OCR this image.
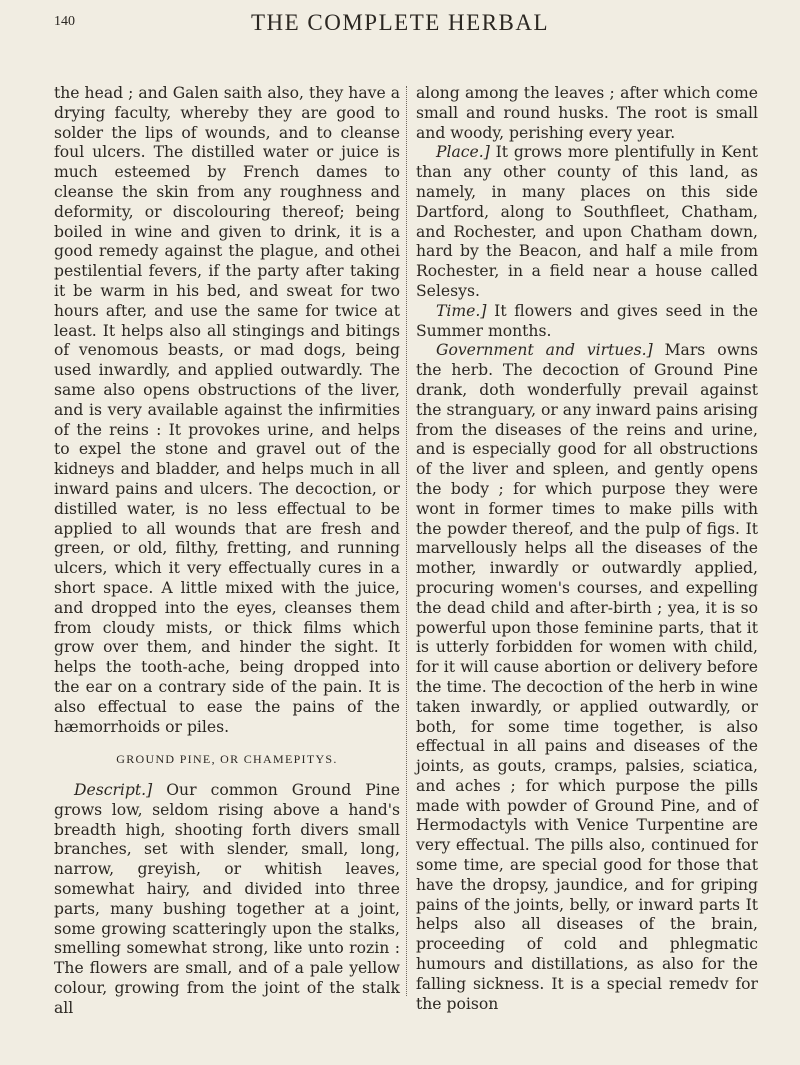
140	THE COMPLETE HERBAL

the head ; and Galen saith also, they have a drying faculty, whereby they are good to solder the lips of wounds, and to cleanse foul ulcers. The distilled water or juice is much esteemed by French dames to cleanse the skin from any roughness and deformity, or discolouring thereof; being boiled in wine and given to drink, it is a good remedy against the plague, and othei pestilential fevers, if the party after taking it be warm in his bed, and sweat for two hours after, and use the same for twice at least. It helps also all stingings and bitings of venomous beasts, or mad dogs, being used inwardly, and applied outwardly. The same also opens obstructions of the liver, and is very available against the infirmities of the reins : It provokes urine, and helps to expel the stone and gravel out of the kidneys and bladder, and helps much in all inward pains and ulcers. The decoction, or distilled water, is no less effectual to be applied to all wounds that are fresh and green, or old, filthy, fretting, and running ulcers, which it very effectually cures in a short space. A little mixed with the juice, and dropped into the eyes, cleanses them from cloudy mists, or thick films which grow over them, and hinder the sight. It helps the tooth-ache, being dropped into the ear on a contrary side of the pain. It is also effectual to ease the pains of the hæmorrhoids or piles.

GROUND PINE, OR CHAMEPITYS.

Descript.] Our common Ground Pine grows low, seldom rising above a hand's breadth high, shooting forth divers small branches, set with slender, small, long, narrow, greyish, or whitish leaves, somewhat hairy, and divided into three parts, many bushing together at a joint, some growing scatteringly upon the stalks, smelling somewhat strong, like unto rozin : The flowers are small, and of a pale yellow colour, growing from the joint of the stalk all

along among the leaves ; after which come small and round husks. The root is small and woody, perishing every year.

Place.] It grows more plentifully in Kent than any other county of this land, as namely, in many places on this side Dartford, along to Southfleet, Chatham, and Rochester, and upon Chatham down, hard by the Beacon, and half a mile from Rochester, in a field near a house called Selesys.

Time.] It flowers and gives seed in the Summer months.

Government and virtues.] Mars owns the herb. The decoction of Ground Pine drank, doth wonderfully prevail against the stranguary, or any inward pains arising from the diseases of the reins and urine, and is especially good for all obstructions of the liver and spleen, and gently opens the body ; for which purpose they were wont in former times to make pills with the powder thereof, and the pulp of figs. It marvellously helps all the diseases of the mother, inwardly or outwardly applied, procuring women's courses, and expelling the dead child and after-birth ; yea, it is so powerful upon those feminine parts, that it is utterly forbidden for women with child, for it will cause abortion or delivery before the time. The decoction of the herb in wine taken inwardly, or applied outwardly, or both, for some time together, is also effectual in all pains and diseases of the joints, as gouts, cramps, palsies, sciatica, and aches ; for which purpose the pills made with powder of Ground Pine, and of Hermodactyls with Venice Turpentine are very effectual. The pills also, continued for some time, are special good for those that have the dropsy, jaundice, and for griping pains of the joints, belly, or inward parts It helps also all diseases of the brain, proceeding of cold and phlegmatic humours and distillations, as also for the falling sickness. It is a special remedv for the poison
